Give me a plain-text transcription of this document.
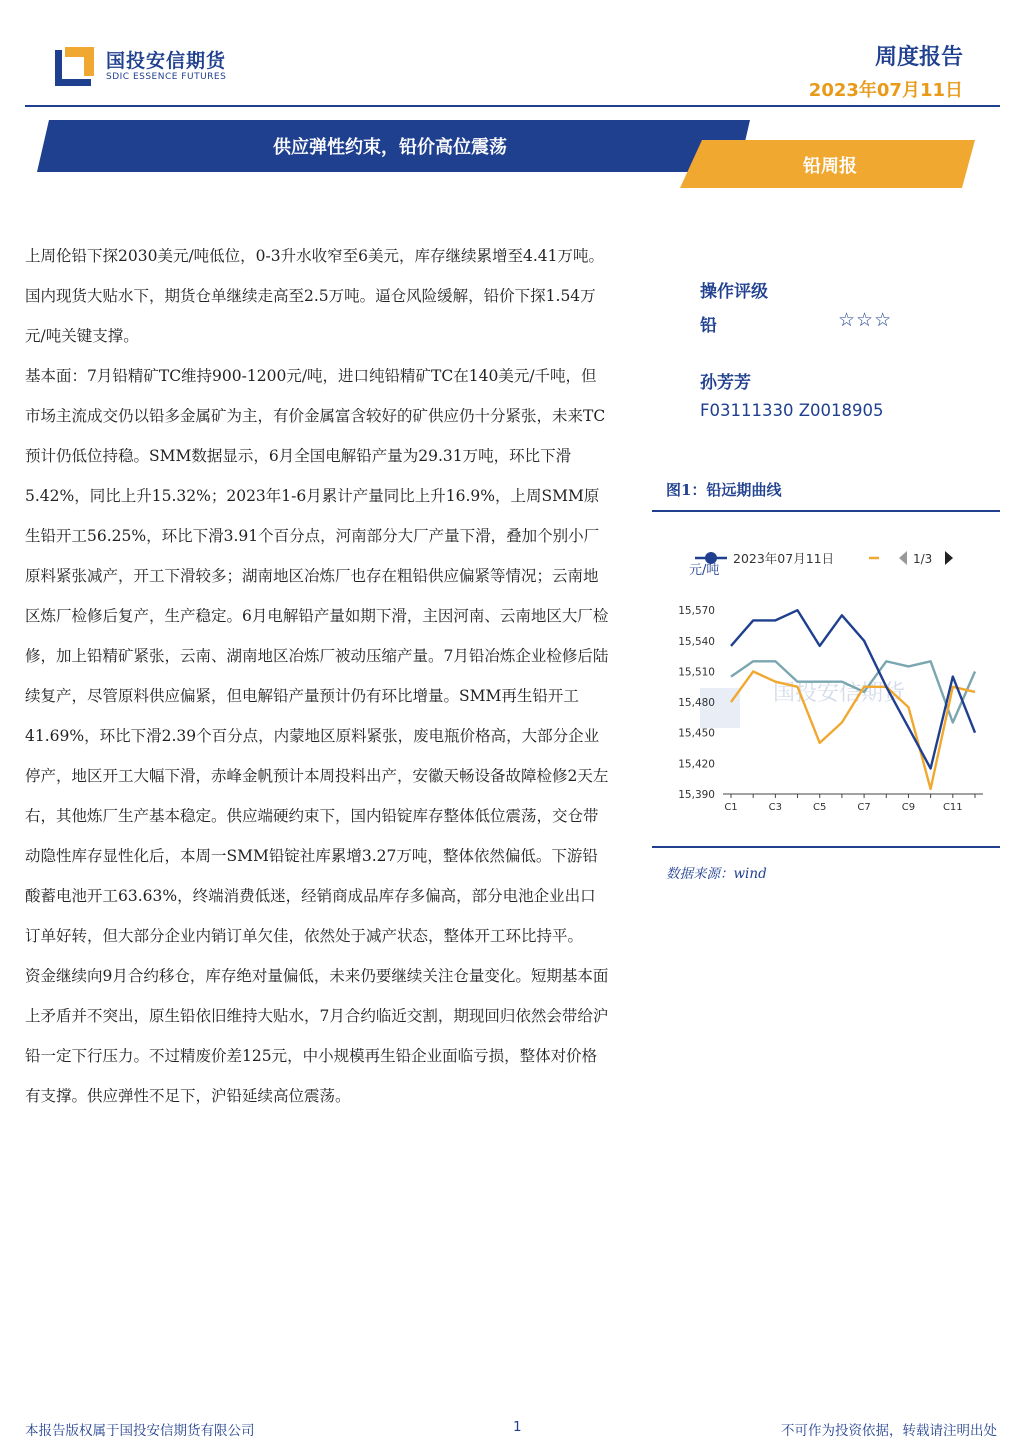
国投安信期货
SDIC ESSENCE FUTURES
周度报告
2023年07月11日
供应弹性约束，铅价高位震荡
铅周报

上周伦铅下探2030美元/吨低位，0-3升水收窄至6美元，库存继续累增至4.41万吨。国内现货大贴水下，期货仓单继续走高至2.5万吨。逼仓风险缓解，铅价下探1.54万元/吨关键支撑。

基本面：7月铅精矿TC维持900-1200元/吨，进口纯铅精矿TC在140美元/千吨，但市场主流成交仍以铅多金属矿为主，有价金属富含较好的矿供应仍十分紧张，未来TC预计仍低位持稳。SMM数据显示，6月全国电解铅产量为29.31万吨，环比下滑5.42%，同比上升15.32%；2023年1-6月累计产量同比上升16.9%，上周SMM原生铅开工56.25%，环比下滑3.91个百分点，河南部分大厂产量下滑，叠加个别小厂原料紧张减产，开工下滑较多；湖南地区冶炼厂也存在粗铅供应偏紧等情况；云南地区炼厂检修后复产，生产稳定。6月电解铅产量如期下滑，主因河南、云南地区大厂检修，加上铅精矿紧张，云南、湖南地区冶炼厂被动压缩产量。7月铅冶炼企业检修后陆续复产，尽管原料供应偏紧，但电解铅产量预计仍有环比增量。SMM再生铅开工41.69%，环比下滑2.39个百分点，内蒙地区原料紧张，废电瓶价格高，大部分企业停产，地区开工大幅下滑，赤峰金帆预计本周投料出产，安徽天畅设备故障检修2天左右，其他炼厂生产基本稳定。供应端硬约束下，国内铅锭库存整体低位震荡，交仓带动隐性库存显性化后，本周一SMM铅锭社库累增3.27万吨，整体依然偏低。下游铅酸蓄电池开工63.63%，终端消费低迷，经销商成品库存多偏高，部分电池企业出口订单好转，但大部分企业内销订单欠佳，依然处于减产状态，整体开工环比持平。

资金继续向9月合约移仓，库存绝对量偏低，未来仍要继续关注仓量变化。短期基本面上矛盾并不突出，原生铅依旧维持大贴水，7月合约临近交割，期现回归依然会带给沪铅一定下行压力。不过精废价差125元，中小规模再生铅企业面临亏损，整体对价格有支撑。供应弹性不足下，沪铅延续高位震荡。

操作评级
铅	☆☆☆
孙芳芳
F03111330 Z0018905
图1：铅远期曲线
国投安信期货
2023年07月11日	1/3
元/吨
15,390
15,420
15,450
15,480
15,510
15,540
15,570
C1	C3	C5	C7	C9	C11
数据来源：wind
本报告版权属于国投安信期货有限公司	1	不可作为投资依据，转载请注明出处
